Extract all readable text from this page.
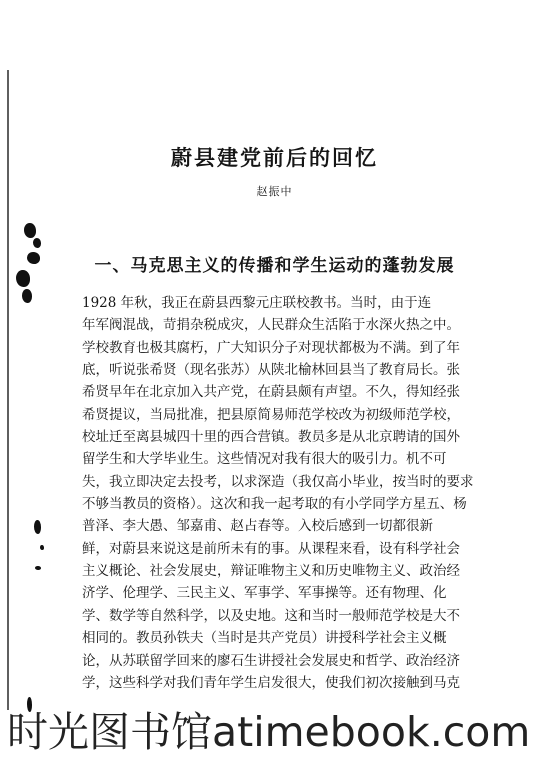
蔚县建党前后的回忆
赵振中
一、马克思主义的传播和学生运动的蓬勃发展
1928 年秋，我正在蔚县西黎元庄联校教书。当时，由于连
年军阀混战，苛捐杂税成灾，人民群众生活陷于水深火热之中。
学校教育也极其腐朽，广大知识分子对现状都极为不满。到了年
底，听说张希贤（现名张苏）从陕北榆林回县当了教育局长。张
希贤早年在北京加入共产党，在蔚县颇有声望。不久，得知经张
希贤提议，当局批准，把县原简易师范学校改为初级师范学校，
校址迁至离县城四十里的西合营镇。教员多是从北京聘请的国外
留学生和大学毕业生。这些情况对我有很大的吸引力。机不可
失，我立即决定去投考，以求深造（我仅高小毕业，按当时的要求
不够当教员的资格）。这次和我一起考取的有小学同学方星五、杨
普泽、李大愚、邹嘉甫、赵占春等。入校后感到一切都很新
鲜，对蔚县来说这是前所未有的事。从课程来看，设有科学社会
主义概论、社会发展史，辩证唯物主义和历史唯物主义、政治经
济学、伦理学、三民主义、军事学、军事操等。还有物理、化
学、数学等自然科学，以及史地。这和当时一般师范学校是大不
相同的。教员孙铁夫（当时是共产党员）讲授科学社会主义概
论，从苏联留学回来的廖石生讲授社会发展史和哲学、政治经济
学，这些科学对我们青年学生启发很大，使我们初次接触到马克
时光图书馆atimebook.com
